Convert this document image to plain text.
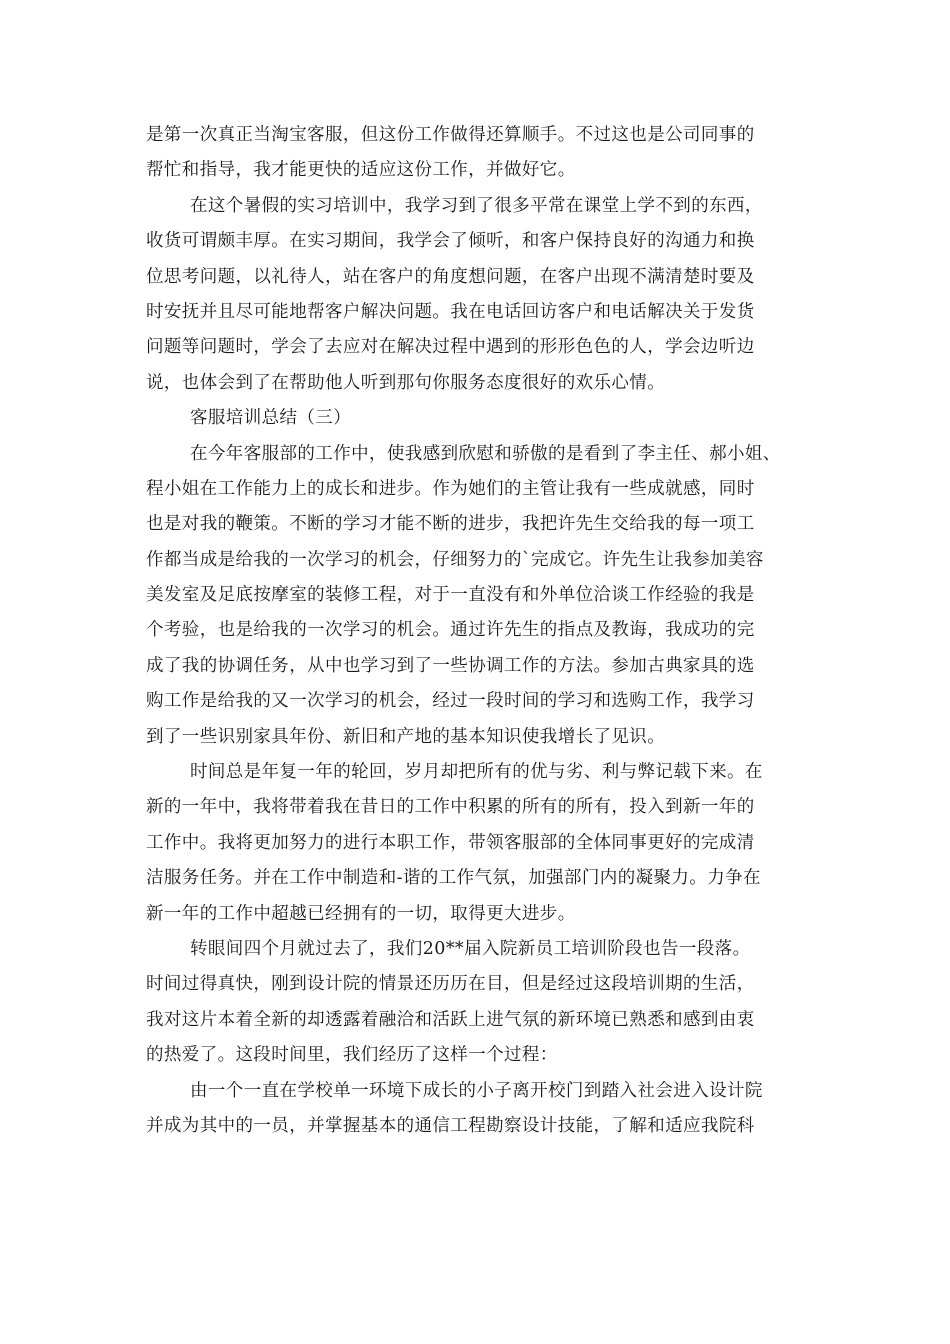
是第一次真正当淘宝客服，但这份工作做得还算顺手。不过这也是公司同事的
帮忙和指导，我才能更快的适应这份工作，并做好它。
在这个暑假的实习培训中，我学习到了很多平常在课堂上学不到的东西，
收货可谓颇丰厚。在实习期间，我学会了倾听，和客户保持良好的沟通力和换
位思考问题，以礼待人，站在客户的角度想问题，在客户出现不满清楚时要及
时安抚并且尽可能地帮客户解决问题。我在电话回访客户和电话解决关于发货
问题等问题时，学会了去应对在解决过程中遇到的形形色色的人，学会边听边
说，也体会到了在帮助他人听到那句你服务态度很好的欢乐心情。
客服培训总结（三）
在今年客服部的工作中，使我感到欣慰和骄傲的是看到了李主任、郝小姐、
程小姐在工作能力上的成长和进步。作为她们的主管让我有一些成就感，同时
也是对我的鞭策。不断的学习才能不断的进步，我把许先生交给我的每一项工
作都当成是给我的一次学习的机会，仔细努力的`完成它。许先生让我参加美容
美发室及足底按摩室的装修工程，对于一直没有和外单位洽谈工作经验的我是
个考验，也是给我的一次学习的机会。通过许先生的指点及教诲，我成功的完
成了我的协调任务，从中也学习到了一些协调工作的方法。参加古典家具的选
购工作是给我的又一次学习的机会，经过一段时间的学习和选购工作，我学习
到了一些识别家具年份、新旧和产地的基本知识使我增长了见识。
时间总是年复一年的轮回，岁月却把所有的优与劣、利与弊记载下来。在
新的一年中，我将带着我在昔日的工作中积累的所有的所有，投入到新一年的
工作中。我将更加努力的进行本职工作，带领客服部的全体同事更好的完成清
洁服务任务。并在工作中制造和-谐的工作气氛，加强部门内的凝聚力。力争在
新一年的工作中超越已经拥有的一切，取得更大进步。
转眼间四个月就过去了，我们20**届入院新员工培训阶段也告一段落。
时间过得真快，刚到设计院的情景还历历在目，但是经过这段培训期的生活，
我对这片本着全新的却透露着融洽和活跃上进气氛的新环境已熟悉和感到由衷
的热爱了。这段时间里，我们经历了这样一个过程：
由一个一直在学校单一环境下成长的小子离开校门到踏入社会进入设计院
并成为其中的一员，并掌握基本的通信工程勘察设计技能，了解和适应我院科
